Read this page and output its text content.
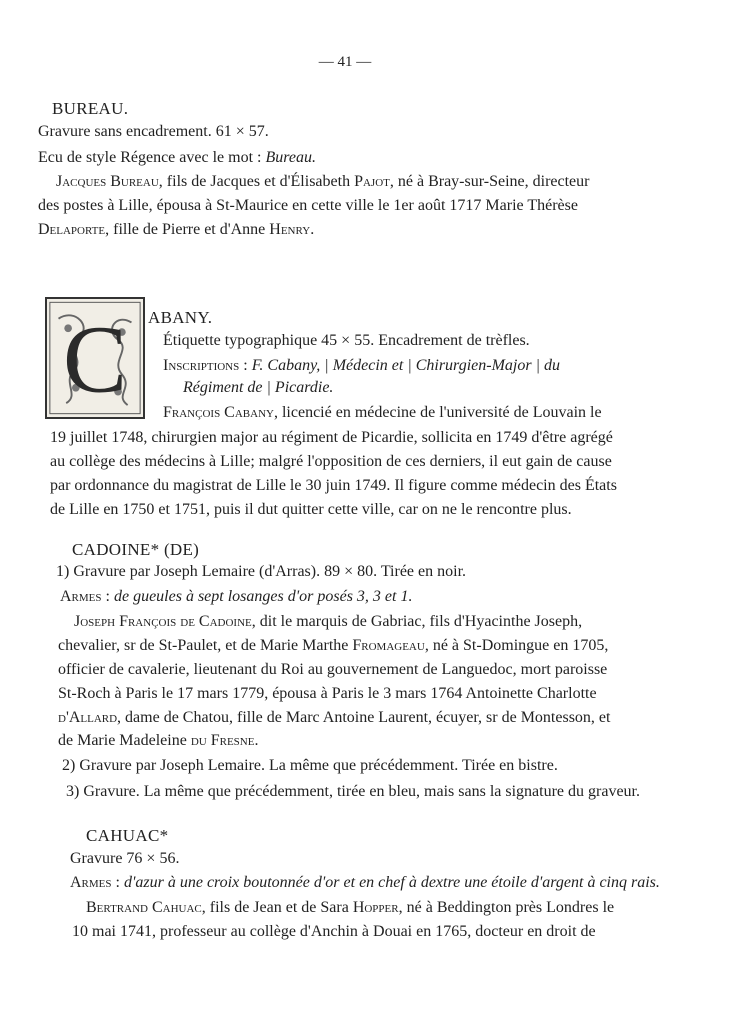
— 41 —
BUREAU.
Gravure sans encadrement. 61 × 57.
Ecu de style Régence avec le mot : Bureau.
Jacques Bureau, fils de Jacques et d'Élisabeth Pajot, né à Bray-sur-Seine, directeur
des postes à Lille, épousa à St-Maurice en cette ville le 1er août 1717 Marie Thérèse
Delaporte, fille de Pierre et d'Anne Henry.
C ABANY.
Étiquette typographique 45 × 55. Encadrement de trèfles.
Inscriptions : F. Cabany, | Médecin et | Chirurgien-Major | du
Régiment de | Picardie.
François Cabany, licencié en médecine de l'université de Louvain le
19 juillet 1748, chirurgien major au régiment de Picardie, sollicita en 1749 d'être agrégé
au collège des médecins à Lille; malgré l'opposition de ces derniers, il eut gain de cause
par ordonnance du magistrat de Lille le 30 juin 1749. Il figure comme médecin des États
de Lille en 1750 et 1751, puis il dut quitter cette ville, car on ne le rencontre plus.
CADOINE* (DE)
1) Gravure par Joseph Lemaire (d'Arras). 89 × 80. Tirée en noir.
Armes : de gueules à sept losanges d'or posés 3, 3 et 1.
Joseph François de Cadoine, dit le marquis de Gabriac, fils d'Hyacinthe Joseph,
chevalier, sr de St-Paulet, et de Marie Marthe Fromageau, né à St-Domingue en 1705,
officier de cavalerie, lieutenant du Roi au gouvernement de Languedoc, mort paroisse
St-Roch à Paris le 17 mars 1779, épousa à Paris le 3 mars 1764 Antoinette Charlotte
d'Allard, dame de Chatou, fille de Marc Antoine Laurent, écuyer, sr de Montesson, et
de Marie Madeleine du Fresne.
2) Gravure par Joseph Lemaire. La même que précédemment. Tirée en bistre.
3) Gravure. La même que précédemment, tirée en bleu, mais sans la signature du graveur.
CAHUAC*
Gravure 76 × 56.
Armes : d'azur à une croix boutonnée d'or et en chef à dextre une étoile d'argent à cinq rais.
Bertrand Cahuac, fils de Jean et de Sara Hopper, né à Beddington près Londres le
10 mai 1741, professeur au collège d'Anchin à Douai en 1765, docteur en droit de
